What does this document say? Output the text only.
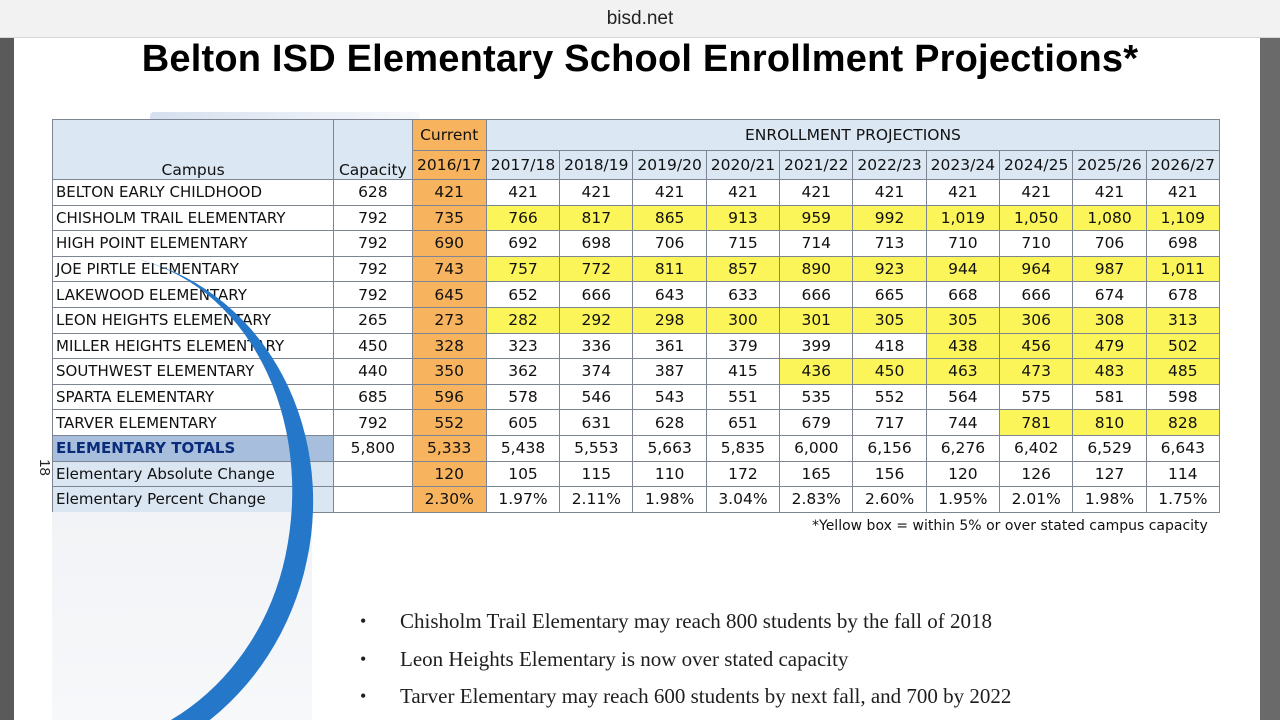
bisd.net
Belton ISD Elementary School Enrollment Projections*
Campus	Capacity	Current	ENROLLMENT PROJECTIONS									
		2016/17	2017/18	2018/19	2019/20	2020/21	2021/22	2022/23	2023/24	2024/25	2025/26	2026/27
BELTON EARLY CHILDHOOD	628	421	421	421	421	421	421	421	421	421	421	421
CHISHOLM TRAIL ELEMENTARY	792	735	766	817	865	913	959	992	1,019	1,050	1,080	1,109
HIGH POINT ELEMENTARY	792	690	692	698	706	715	714	713	710	710	706	698
JOE PIRTLE ELEMENTARY	792	743	757	772	811	857	890	923	944	964	987	1,011
LAKEWOOD ELEMENTARY	792	645	652	666	643	633	666	665	668	666	674	678
LEON HEIGHTS ELEMENTARY	265	273	282	292	298	300	301	305	305	306	308	313
MILLER HEIGHTS ELEMENTARY	450	328	323	336	361	379	399	418	438	456	479	502
SOUTHWEST ELEMENTARY	440	350	362	374	387	415	436	450	463	473	483	485
SPARTA ELEMENTARY	685	596	578	546	543	551	535	552	564	575	581	598
TARVER ELEMENTARY	792	552	605	631	628	651	679	717	744	781	810	828
ELEMENTARY TOTALS	5,800	5,333	5,438	5,553	5,663	5,835	6,000	6,156	6,276	6,402	6,529	6,643
Elementary Absolute Change		120	105	115	110	172	165	156	120	126	127	114
Elementary Percent Change		2.30%	1.97%	2.11%	1.98%	3.04%	2.83%	2.60%	1.95%	2.01%	1.98%	1.75%
18
*Yellow box = within 5% or over stated campus capacity
•	Chisholm Trail Elementary may reach 800 students by the fall of 2018
•	Leon Heights Elementary is now over stated capacity
•	Tarver Elementary may reach 600 students by next fall, and 700 by 2022
